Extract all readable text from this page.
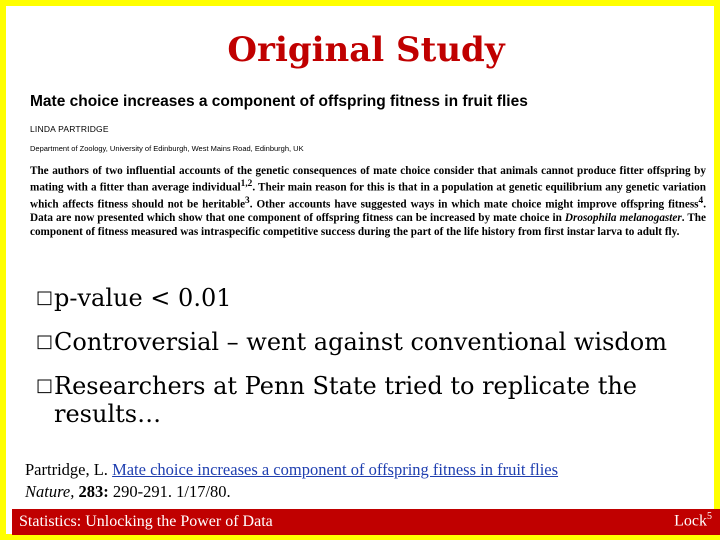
Original Study

Mate choice increases a component of offspring fitness in fruit flies

LINDA PARTRIDGE

Department of Zoology, University of Edinburgh, West Mains Road, Edinburgh, UK

The authors of two influential accounts of the genetic consequences of mate choice consider that animals cannot produce fitter offspring by mating with a fitter than average individual$^{1,2}$. Their main reason for this is that in a population at genetic equilibrium any genetic variation which affects fitness should not be heritable$^3$. Other accounts have suggested ways in which mate choice might improve offspring fitness$^4$. Data are now presented which show that one component of offspring fitness can be increased by mate choice in Drosophila melanogaster. The component of fitness measured was intraspecific competitive success during the part of the life history from first instar larva to adult fly.

□ p-value < 0.01
□ Controversial – went against conventional wisdom
□ Researchers at Penn State tried to replicate the results…
Partridge, L. Mate choice increases a component of offspring fitness in fruit flies
Nature, 283: 290-291. 1/17/80.
Statistics: Unlocking the Power of Data	Lock$^5$
